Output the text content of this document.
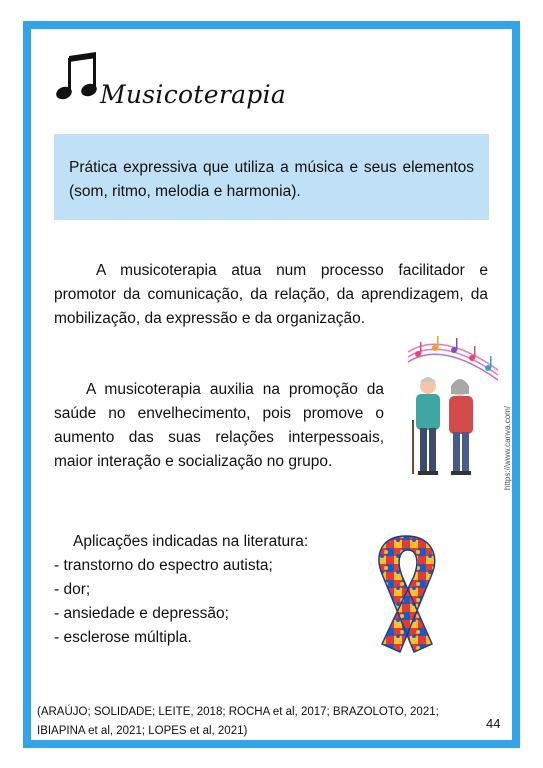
Musicoterapia
Prática expressiva que utiliza a música e seus elementos (som, ritmo, melodia e harmonia).
A musicoterapia atua num processo facilitador e promotor da comunicação, da relação, da aprendizagem, da mobilização, da expressão e da organização.
A musicoterapia auxilia na promoção da saúde no envelhecimento, pois promove o aumento das suas relações interpessoais, maior interação e socialização no grupo.	https://www.canva.com/
Aplicações indicadas na literatura:
- transtorno do espectro autista;
- dor;
- ansiedade e depressão;
- esclerose múltipla.
(ARAÚJO; SOLIDADE; LEITE, 2018; ROCHA et al, 2017; BRAZOLOTO, 2021; IBIAPINA et al, 2021; LOPES et al, 2021)	44
